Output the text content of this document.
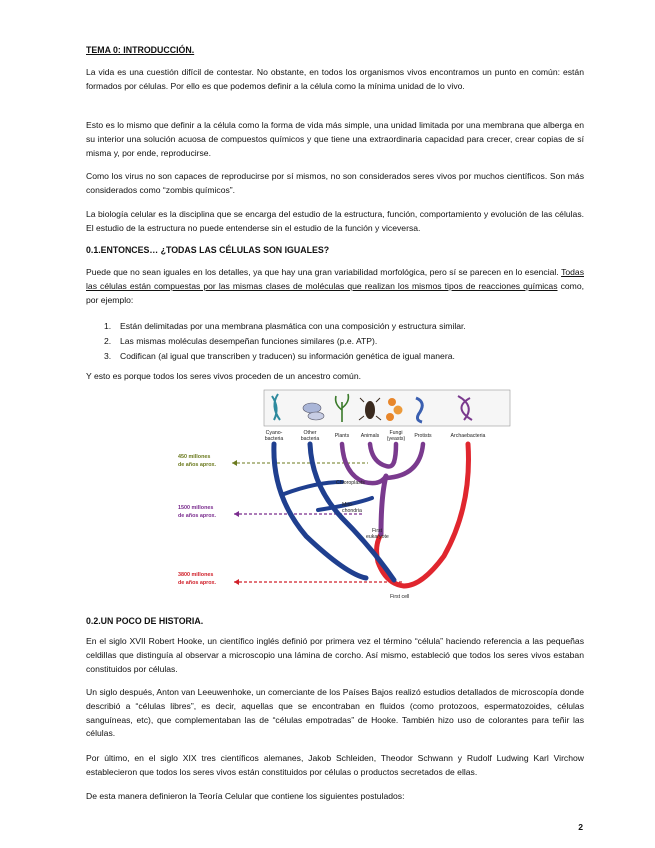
TEMA 0: INTRODUCCIÓN.
La vida es una cuestión difícil de contestar. No obstante, en todos los organismos vivos encontramos un punto en común: están formados por células. Por ello es que podemos definir a la célula como la mínima unidad de lo vivo.
Esto es lo mismo que definir a la célula como la forma de vida más simple, una unidad limitada por una membrana que alberga en su interior una solución acuosa de compuestos químicos y que tiene una extraordinaria capacidad para crecer, crear copias de sí misma y, por ende, reproducirse.
Como los virus no son capaces de reproducirse por sí mismos, no son considerados seres vivos por muchos científicos. Son más considerados como “zombis químicos”.
La biología celular es la disciplina que se encarga del estudio de la estructura, función, comportamiento y evolución de las células. El estudio de la estructura no puede entenderse sin el estudio de la función y viceversa.
0.1.ENTONCES… ¿TODAS LAS CÉLULAS SON IGUALES?
Puede que no sean iguales en los detalles, ya que hay una gran variabilidad morfológica, pero sí se parecen en lo esencial. Todas las células están compuestas por las mismas clases de moléculas que realizan los mismos tipos de reacciones químicas como, por ejemplo:
1. Están delimitadas por una membrana plasmática con una composición y estructura similar.
2. Las mismas moléculas desempeñan funciones similares (p.e. ATP).
3. Codifican (al igual que transcriben y traducen) su información genética de igual manera.
Y esto es porque todos los seres vivos proceden de un ancestro común.
Cyano-bacteria
Other bacteria	Plants Animals	Fungi (yeasts) Protists	Archaebacteria
450 millones de años aprox.
1500 millones de años aprox.
3800 millones de años aprox.
Chloroplasts
Mito-chondria
First eukaryote
First cell
0.2.UN POCO DE HISTORIA.
En el siglo XVII Robert Hooke, un científico inglés definió por primera vez el término “célula” haciendo referencia a las pequeñas celdillas que distinguía al observar a microscopio una lámina de corcho. Así mismo, estableció que todos los seres vivos estaban constituidos por células.
Un siglo después, Anton van Leeuwenhoke, un comerciante de los Países Bajos realizó estudios detallados de microscopía donde describió a “células libres”, es decir, aquellas que se encontraban en fluidos (como protozoos, espermatozoides, células sanguíneas, etc), que complementaban las de “células empotradas” de Hooke. También hizo uso de colorantes para teñir las células.
Por último, en el siglo XIX tres científicos alemanes, Jakob Schleiden, Theodor Schwann y Rudolf Ludwing Karl Virchow establecieron que todos los seres vivos están constituidos por células o productos secretados de ellas.
De esta manera definieron la Teoría Celular que contiene los siguientes postulados:
2
